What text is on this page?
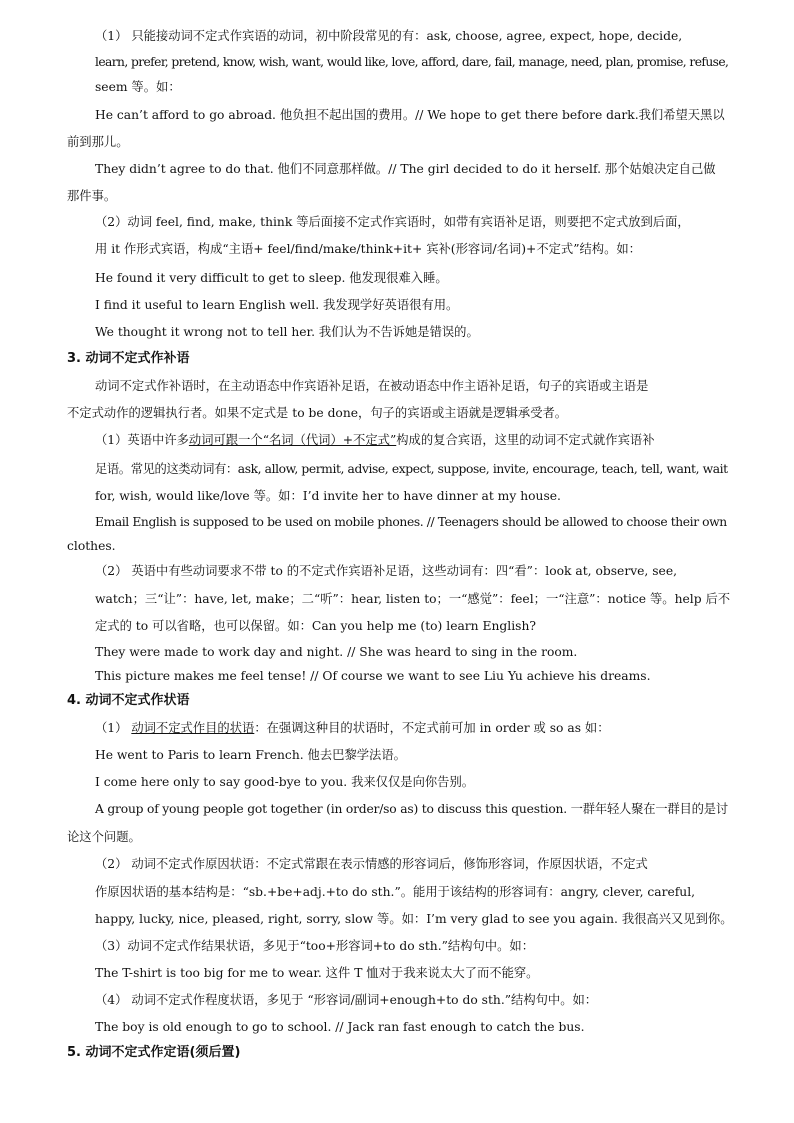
（1） 只能接动词不定式作宾语的动词，初中阶段常见的有：ask, choose, agree, expect, hope, decide,
learn, prefer, pretend, know, wish, want, would like, love, afford, dare, fail, manage, need, plan, promise, refuse,
seem 等。如：
He can’t afford to go abroad. 他负担不起出国的费用。// We hope to get there before dark.我们希望天黑以
前到那儿。
They didn’t agree to do that. 他们不同意那样做。// The girl decided to do it herself. 那个姑娘决定自己做
那件事。
（2）动词 feel, find, make, think 等后面接不定式作宾语时，如带有宾语补足语，则要把不定式放到后面，
用 it 作形式宾语，构成“主语+ feel/find/make/think+it+ 宾补(形容词/名词)+不定式”结构。如：
He found it very difficult to get to sleep. 他发现很难入睡。
I find it useful to learn English well. 我发现学好英语很有用。
We thought it wrong not to tell her. 我们认为不告诉她是错误的。
3. 动词不定式作补语
动词不定式作补语时，在主动语态中作宾语补足语，在被动语态中作主语补足语，句子的宾语或主语是
不定式动作的逻辑执行者。如果不定式是 to be done，句子的宾语或主语就是逻辑承受者。
（1）英语中许多动词可跟一个“名词（代词）+不定式”构成的复合宾语，这里的动词不定式就作宾语补
足语。常见的这类动词有：ask, allow, permit, advise, expect, suppose, invite, encourage, teach, tell, want, wait
for, wish, would like/love 等。如：I’d invite her to have dinner at my house.
Email English is supposed to be used on mobile phones. // Teenagers should be allowed to choose their own
clothes.
（2） 英语中有些动词要求不带 to 的不定式作宾语补足语，这些动词有：四“看”：look at, observe, see,
watch；三“让”：have, let, make；二“听”：hear, listen to；一“感觉”：feel；一“注意”：notice 等。help 后不
定式的 to 可以省略，也可以保留。如：Can you help me (to) learn English?
They were made to work day and night. // She was heard to sing in the room.
This picture makes me feel tense! // Of course we want to see Liu Yu achieve his dreams.
4. 动词不定式作状语
（1） 动词不定式作目的状语：在强调这种目的状语时，不定式前可加 in order 或 so as 如：
He went to Paris to learn French. 他去巴黎学法语。
I come here only to say good-bye to you. 我来仅仅是向你告别。
A group of young people got together (in order/so as) to discuss this question. 一群年轻人聚在一群目的是讨
论这个问题。
（2） 动词不定式作原因状语：不定式常跟在表示情感的形容词后，修饰形容词，作原因状语，不定式
作原因状语的基本结构是：“sb.+be+adj.+to do sth.”。能用于该结构的形容词有：angry, clever, careful,
happy, lucky, nice, pleased, right, sorry, slow 等。如：I’m very glad to see you again. 我很高兴又见到你。
（3）动词不定式作结果状语，多见于“too+形容词+to do sth.”结构句中。如：
The T-shirt is too big for me to wear. 这件 T 恤对于我来说太大了而不能穿。
（4） 动词不定式作程度状语，多见于 “形容词/副词+enough+to do sth.”结构句中。如：
The boy is old enough to go to school. // Jack ran fast enough to catch the bus.
5. 动词不定式作定语(须后置)
